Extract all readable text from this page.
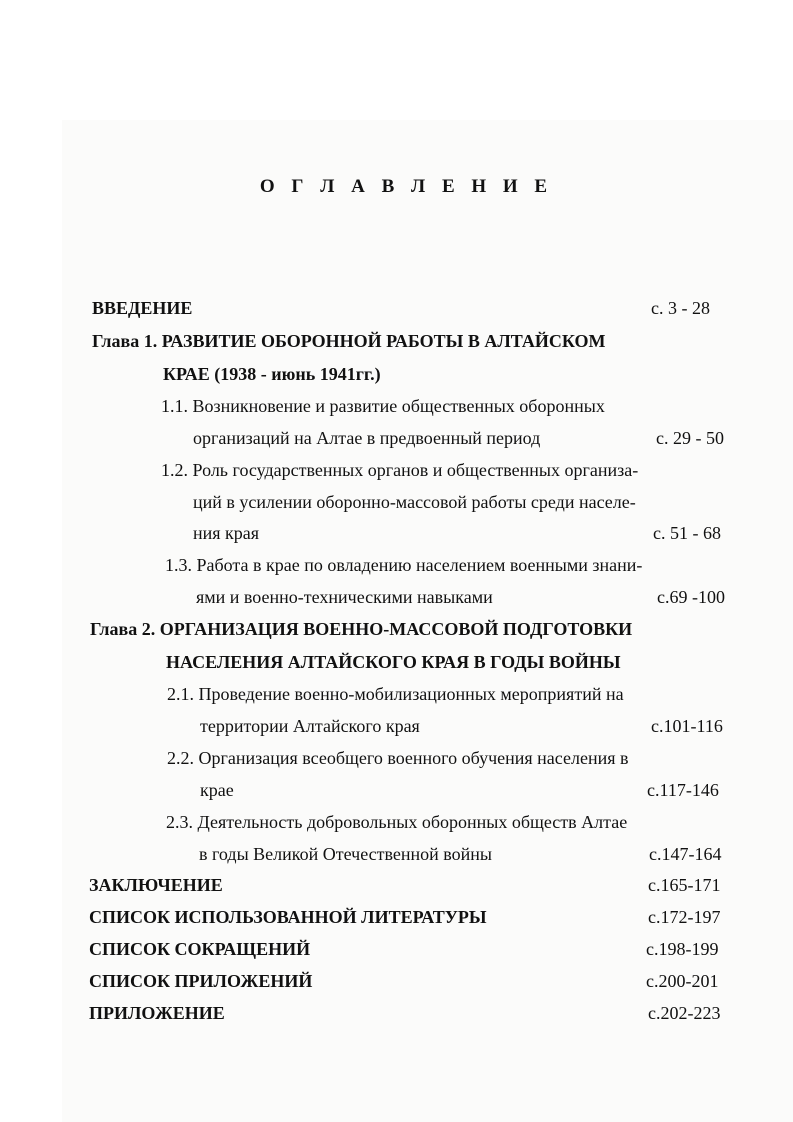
О Г Л А В Л Е Н И Е
ВВЕДЕНИЕ	с. 3 - 28
Глава 1. РАЗВИТИЕ ОБОРОННОЙ РАБОТЫ В АЛТАЙСКОМ
КРАЕ (1938 - июнь 1941гг.)
1.1. Возникновение и развитие общественных оборонных
организаций на Алтае в предвоенный период	с. 29 - 50
1.2. Роль государственных органов и общественных организа-
ций в усилении оборонно-массовой работы среди населе-
ния края	с. 51 - 68
1.3. Работа в крае по овладению населением военными знани-
ями и военно-техническими навыками	с.69 -100
Глава 2. ОРГАНИЗАЦИЯ ВОЕННО-МАССОВОЙ ПОДГОТОВКИ
НАСЕЛЕНИЯ АЛТАЙСКОГО КРАЯ В ГОДЫ ВОЙНЫ
2.1. Проведение военно-мобилизационных мероприятий на
территории Алтайского края	с.101-116
2.2. Организация всеобщего военного обучения населения в
крае	с.117-146
2.3. Деятельность добровольных оборонных обществ Алтае
в годы Великой Отечественной войны	с.147-164
ЗАКЛЮЧЕНИЕ	с.165-171
СПИСОК ИСПОЛЬЗОВАННОЙ ЛИТЕРАТУРЫ	с.172-197
СПИСОК СОКРАЩЕНИЙ	с.198-199
СПИСОК ПРИЛОЖЕНИЙ	с.200-201
ПРИЛОЖЕНИЕ	с.202-223
